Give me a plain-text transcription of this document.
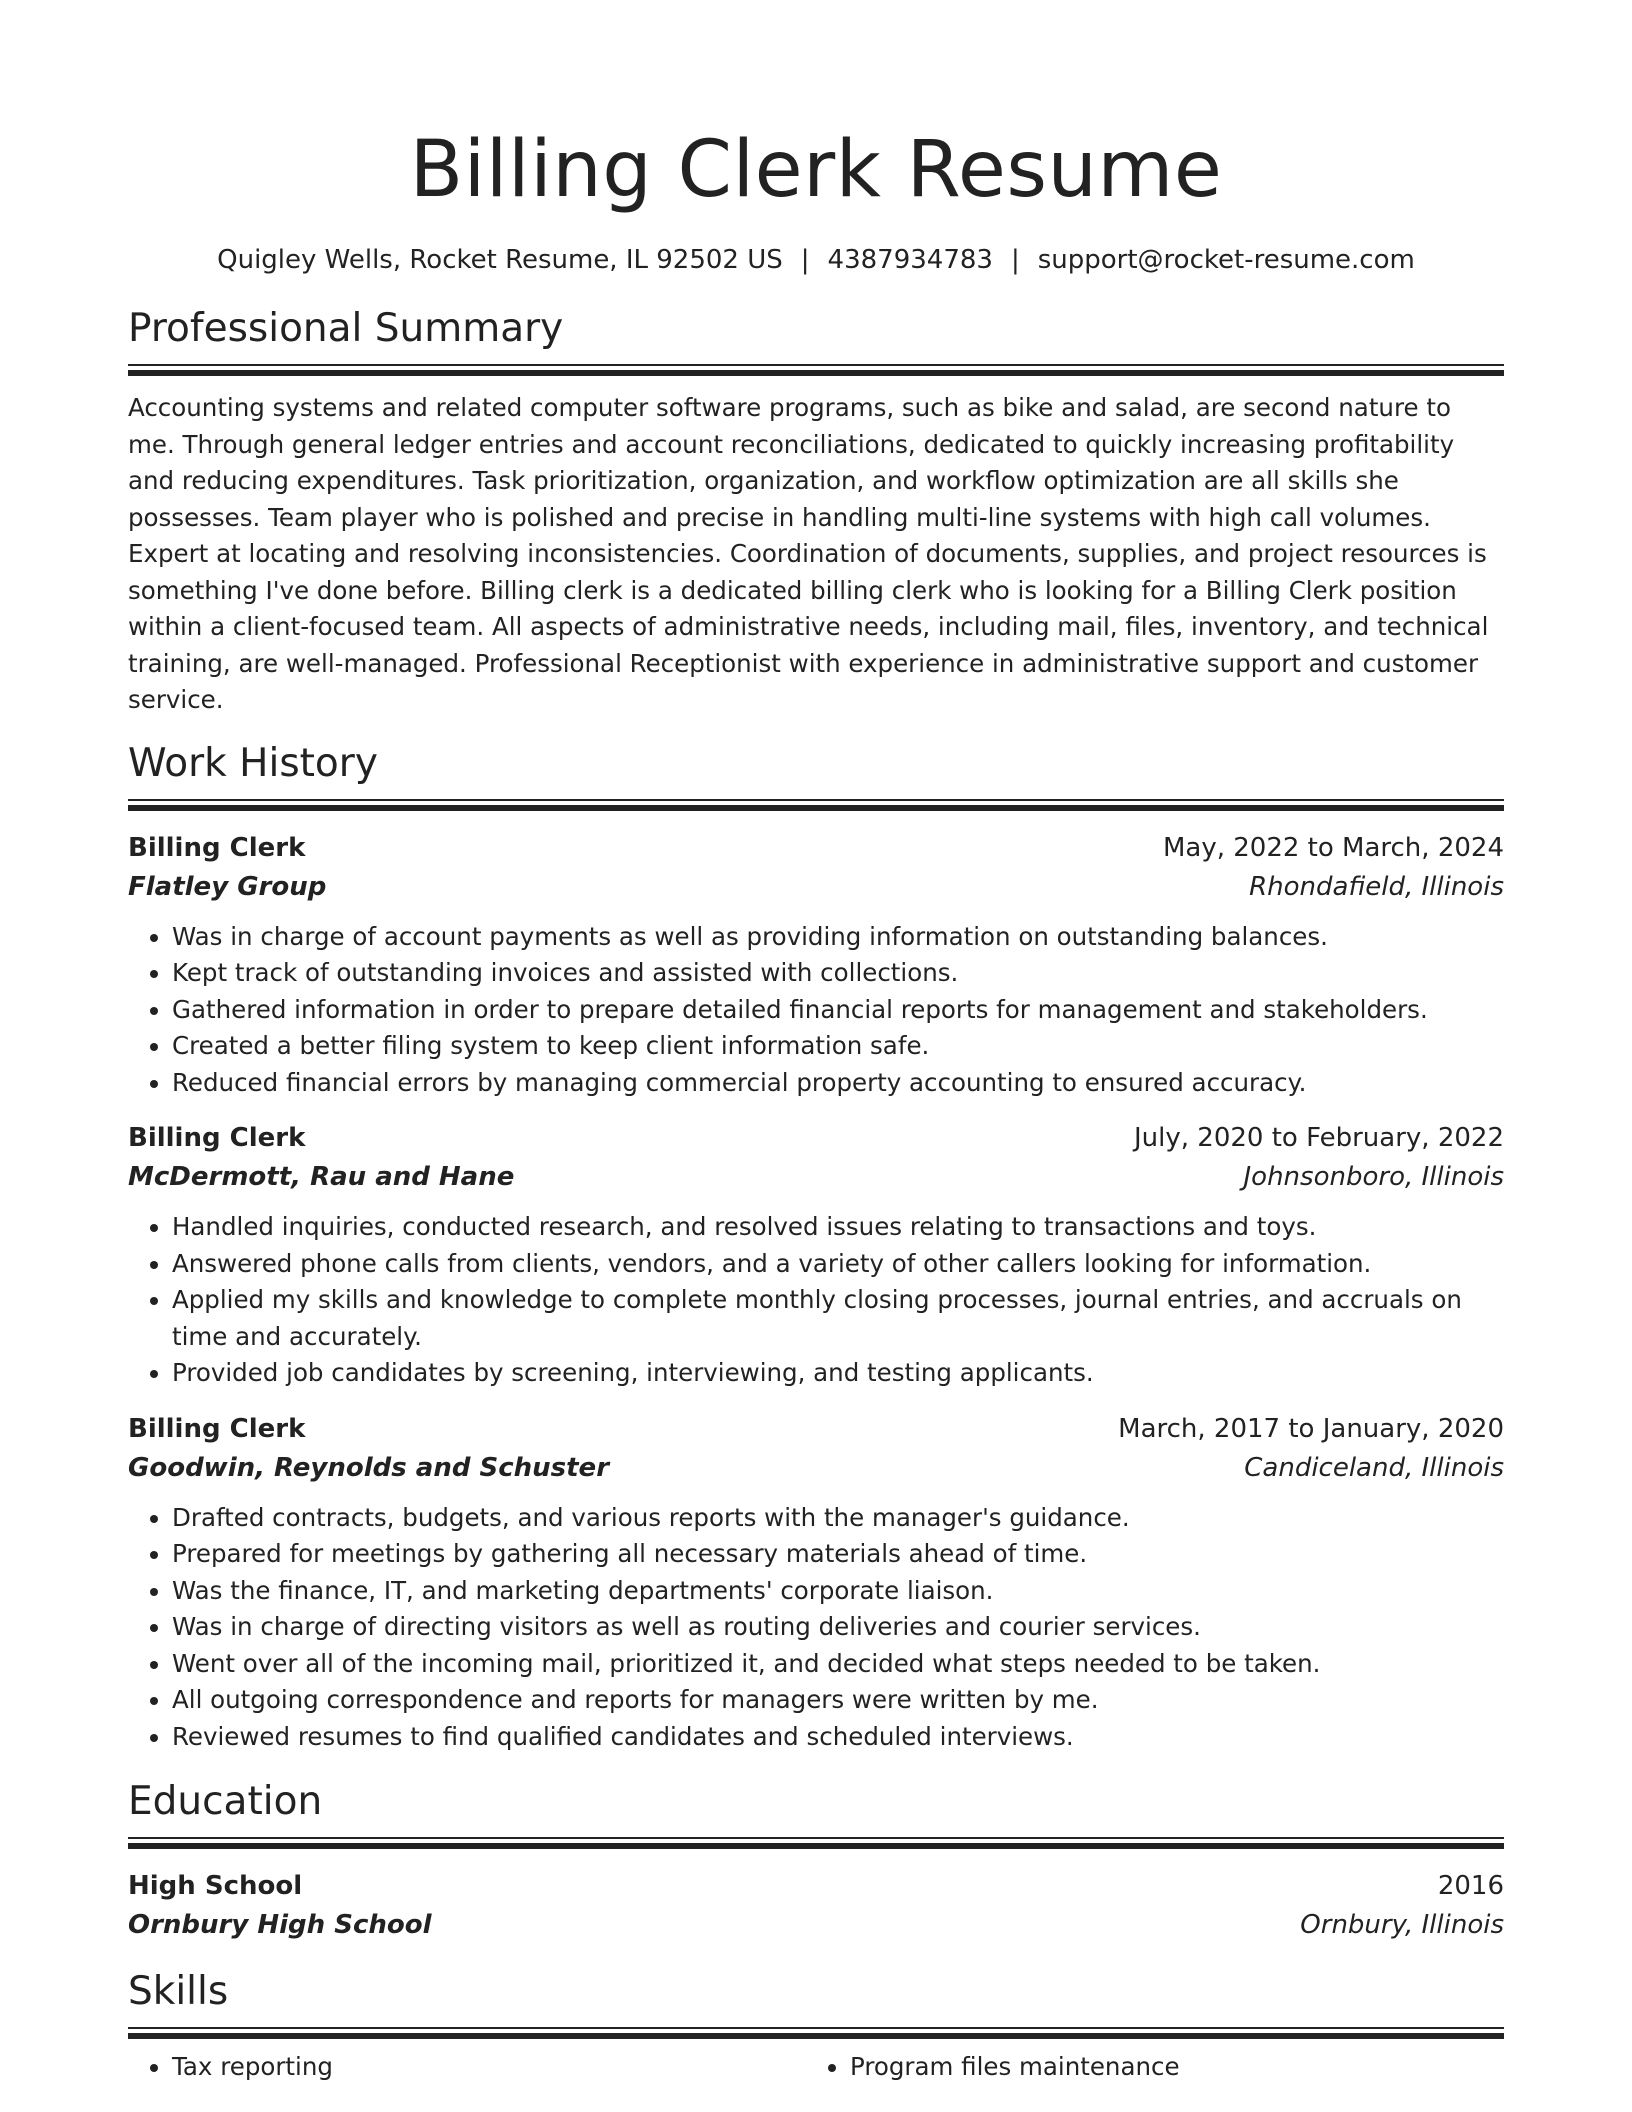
Billing Clerk Resume
Quigley Wells, Rocket Resume, IL 92502 US | 4387934783 | support@rocket-resume.com
Professional Summary
Accounting systems and related computer software programs, such as bike and salad, are second nature to me. Through general ledger entries and account reconciliations, dedicated to quickly increasing profitability and reducing expenditures. Task prioritization, organization, and workflow optimization are all skills she possesses. Team player who is polished and precise in handling multi-line systems with high call volumes. Expert at locating and resolving inconsistencies. Coordination of documents, supplies, and project resources is something I've done before. Billing clerk is a dedicated billing clerk who is looking for a Billing Clerk position within a client-focused team. All aspects of administrative needs, including mail, files, inventory, and technical training, are well-managed. Professional Receptionist with experience in administrative support and customer service.
Work History
Billing Clerk	May, 2022 to March, 2024
Flatley Group	Rhondafield, Illinois
• Was in charge of account payments as well as providing information on outstanding balances.
• Kept track of outstanding invoices and assisted with collections.
• Gathered information in order to prepare detailed financial reports for management and stakeholders.
• Created a better filing system to keep client information safe.
• Reduced financial errors by managing commercial property accounting to ensured accuracy.
Billing Clerk	July, 2020 to February, 2022
McDermott, Rau and Hane	Johnsonboro, Illinois
• Handled inquiries, conducted research, and resolved issues relating to transactions and toys.
• Answered phone calls from clients, vendors, and a variety of other callers looking for information.
• Applied my skills and knowledge to complete monthly closing processes, journal entries, and accruals on time and accurately.
• Provided job candidates by screening, interviewing, and testing applicants.
Billing Clerk	March, 2017 to January, 2020
Goodwin, Reynolds and Schuster	Candiceland, Illinois
• Drafted contracts, budgets, and various reports with the manager's guidance.
• Prepared for meetings by gathering all necessary materials ahead of time.
• Was the finance, IT, and marketing departments' corporate liaison.
• Was in charge of directing visitors as well as routing deliveries and courier services.
• Went over all of the incoming mail, prioritized it, and decided what steps needed to be taken.
• All outgoing correspondence and reports for managers were written by me.
• Reviewed resumes to find qualified candidates and scheduled interviews.
Education
High School	2016
Ornbury High School	Ornbury, Illinois
Skills
• Tax reporting
•	Program files maintenance
